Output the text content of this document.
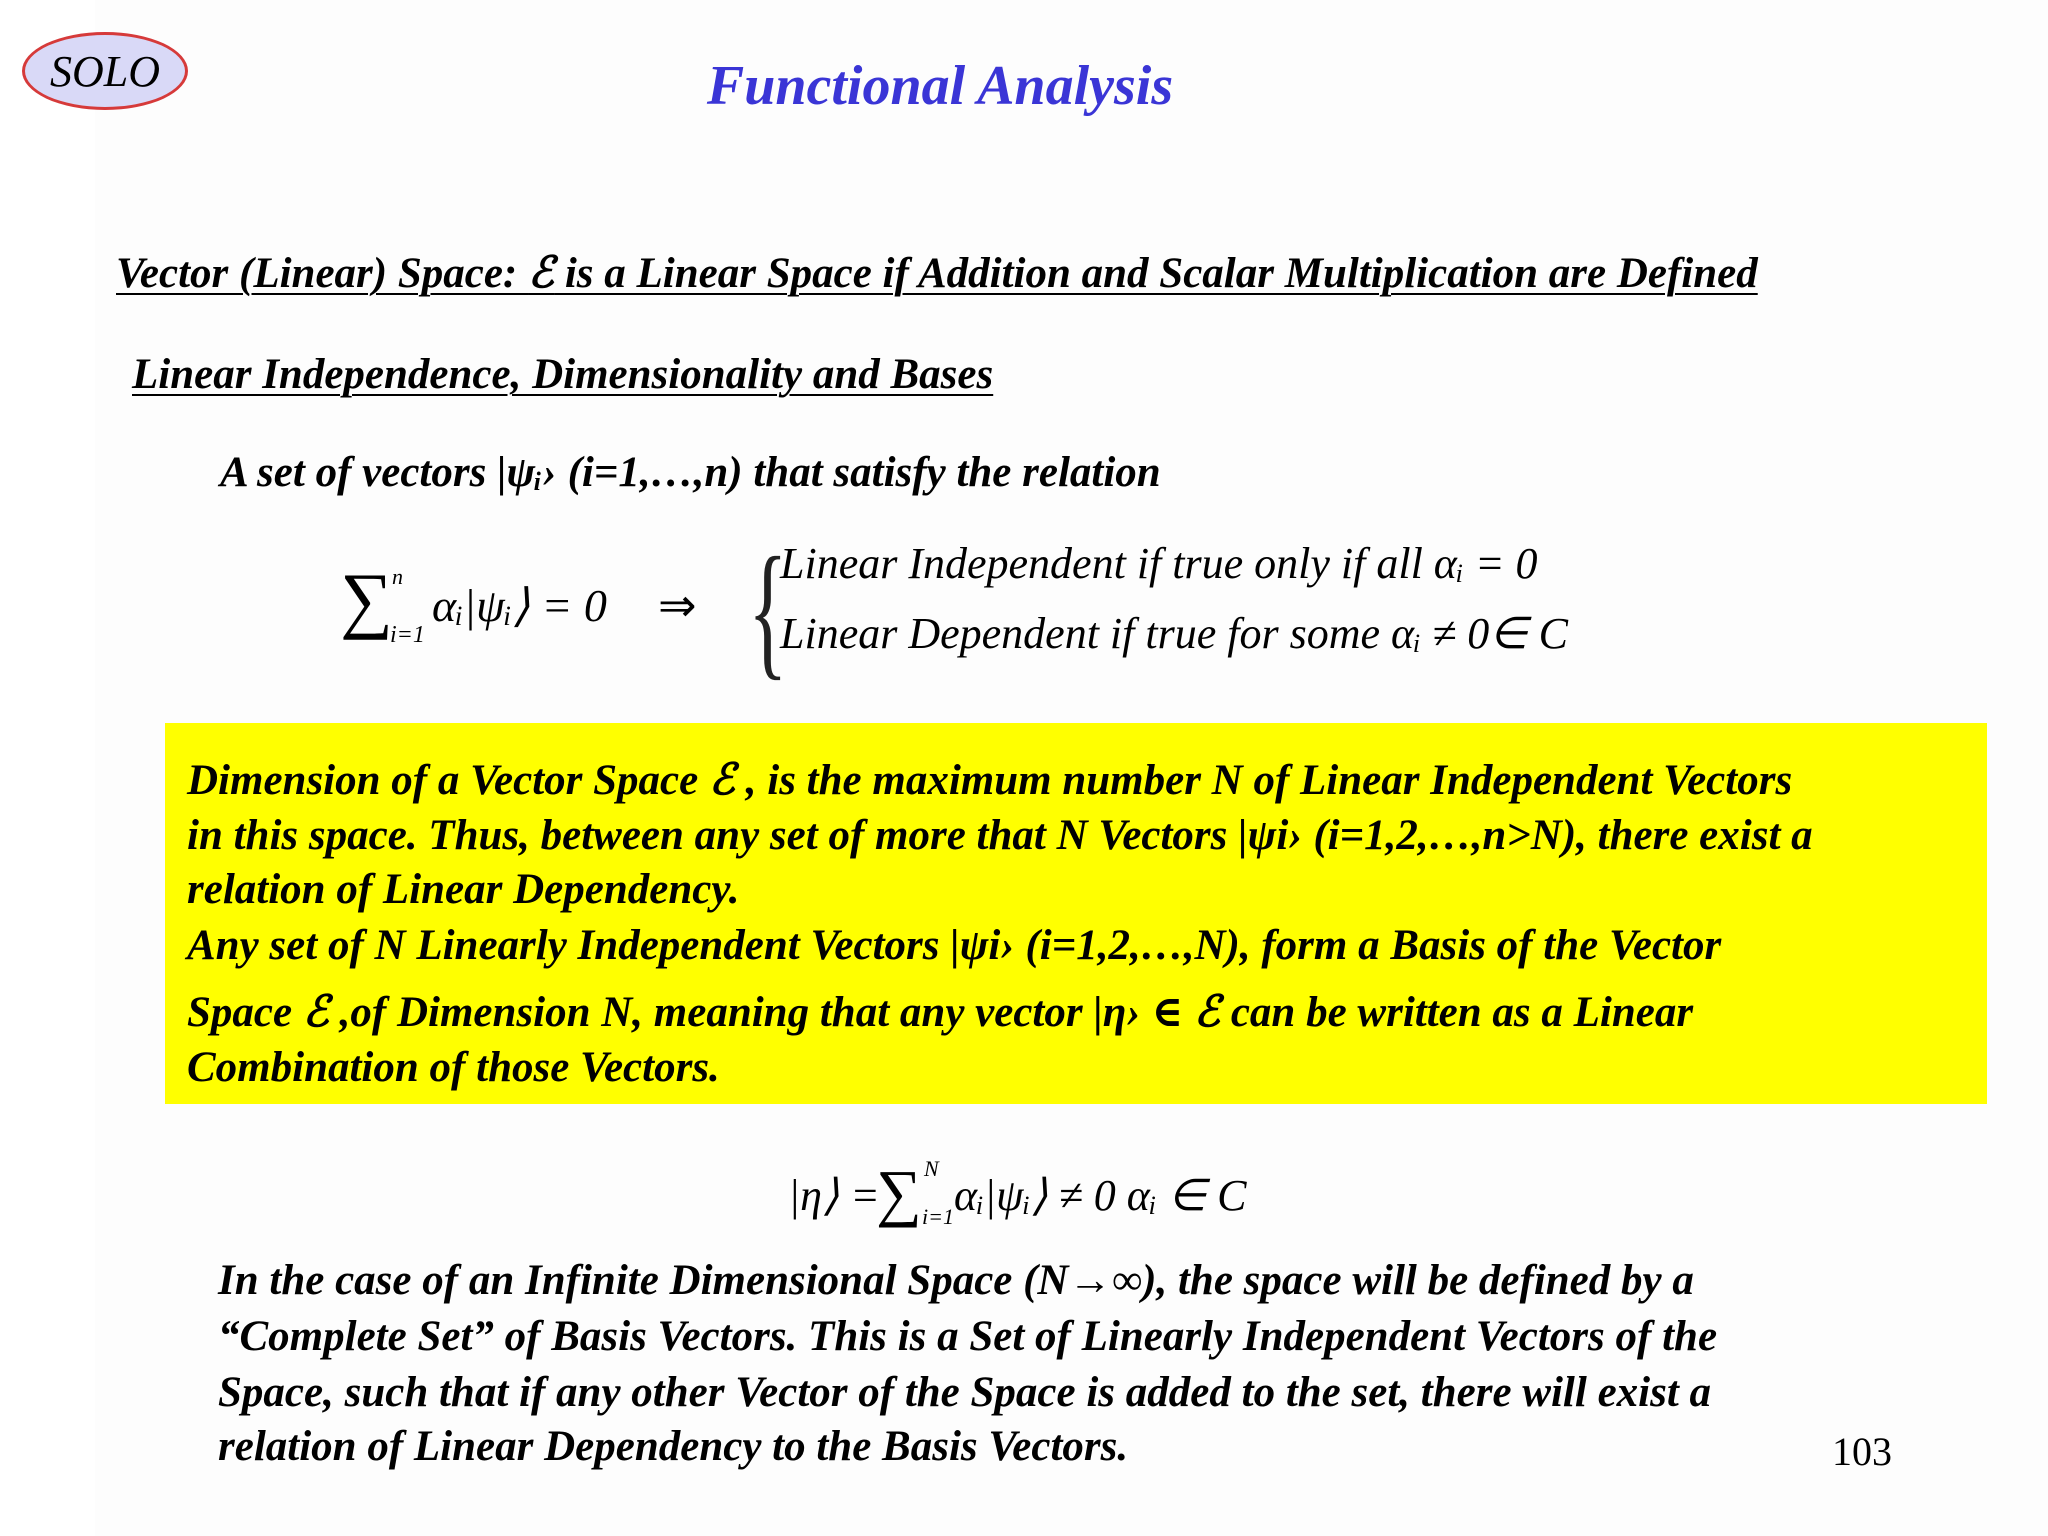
SOLO	Functional Analysis
Vector (Linear) Space: ℰ is a Linear Space if Addition and Scalar Multiplication are Defined
Linear Independence, Dimensionality and Bases
A set of vectors |ψᵢ› (i=1,…,n) that satisfy the relation
∑ n
i=1
αᵢ|ψᵢ⟩ = 0 ⇒ {
Linear Independent if true only if all αᵢ = 0
Linear Dependent if true for some αᵢ ≠ 0∈ C
Dimension of a Vector Space ℰ , is the maximum number N of Linear Independent Vectors
in this space. Thus, between any set of more that N Vectors |ψi› (i=1,2,…,n>N), there exist a
relation of Linear Dependency.
Any set of N Linearly Independent Vectors |ψi› (i=1,2,…,N), form a Basis of the Vector
Space ℰ ,of Dimension N, meaning that any vector |η› ∈ ℰ can be written as a Linear
Combination of those Vectors.
|η⟩ =
∑ N
i=1 αᵢ|ψᵢ⟩ ≠ 0 αᵢ ∈ C
In the case of an Infinite Dimensional Space (N→∞), the space will be defined by a
“Complete Set” of Basis Vectors. This is a Set of Linearly Independent Vectors of the
Space, such that if any other Vector of the Space is added to the set, there will exist a
relation of Linear Dependency to the Basis Vectors.	103
